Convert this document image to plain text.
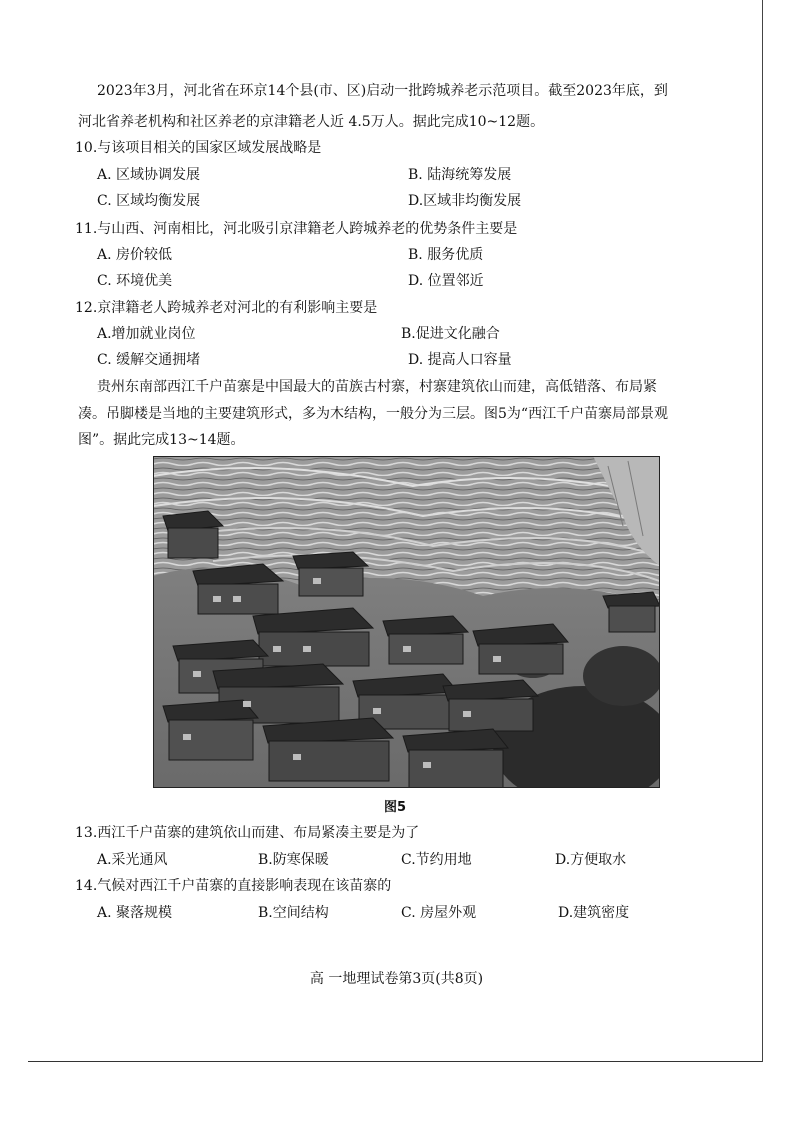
2023年3月，河北省在环京14个县(市、区)启动一批跨城养老示范项目。截至2023年底，到
河北省养老机构和社区养老的京津籍老人近 4.5万人。据此完成10~12题。
10.与该项目相关的国家区域发展战略是
A. 区域协调发展	B. 陆海统筹发展
C. 区域均衡发展	D.区域非均衡发展
11.与山西、河南相比，河北吸引京津籍老人跨城养老的优势条件主要是
A. 房价较低	B. 服务优质
C. 环境优美	D. 位置邻近
12.京津籍老人跨城养老对河北的有利影响主要是
A.增加就业岗位	B.促进文化融合
C. 缓解交通拥堵	D. 提高人口容量
贵州东南部西江千户苗寨是中国最大的苗族古村寨，村寨建筑依山而建，高低错落、布局紧
凑。吊脚楼是当地的主要建筑形式，多为木结构，一般分为三层。图5为“西江千户苗寨局部景观
图”。据此完成13~14题。
图5
13.西江千户苗寨的建筑依山而建、布局紧凑主要是为了
A.采光通风	B.防寒保暖	C.节约用地	D.方便取水
14.气候对西江千户苗寨的直接影响表现在该苗寨的
A. 聚落规模	B.空间结构	C. 房屋外观	D.建筑密度
高 一地理试卷第3页(共8页)
